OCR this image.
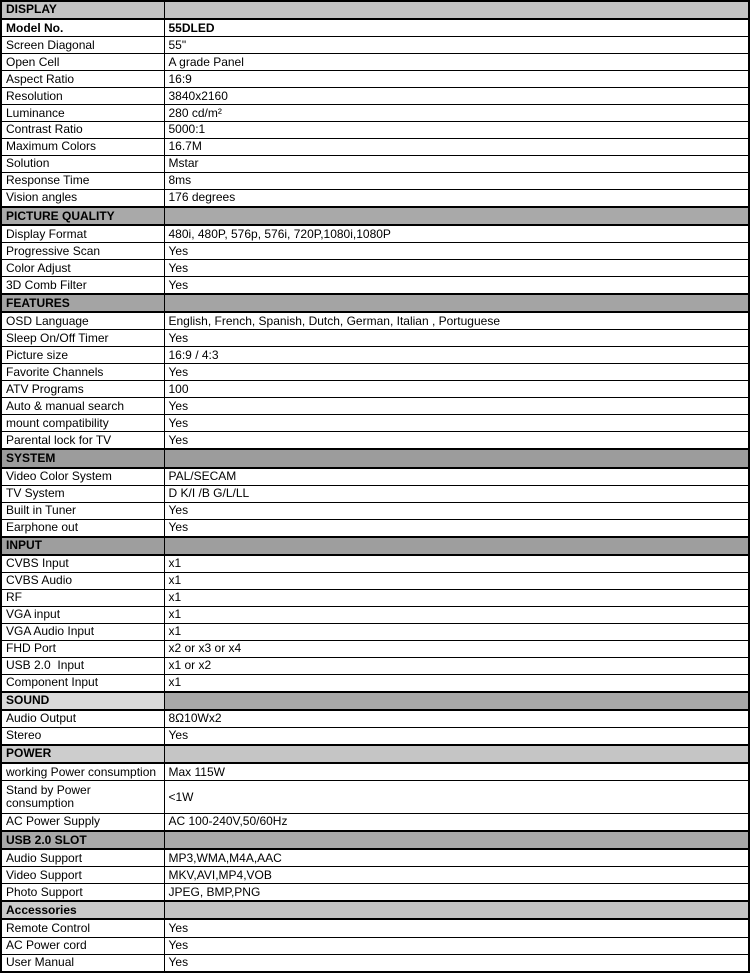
DISPLAY	
Model No.	55DLED
Screen Diagonal	55"
Open Cell	A grade Panel
Aspect Ratio	16:9
Resolution	3840x2160
Luminance	280 cd/m²
Contrast Ratio	5000:1
Maximum Colors	16.7M
Solution	Mstar
Response Time	8ms
Vision angles	176 degrees
PICTURE QUALITY	
Display Format	480i, 480P, 576p, 576i, 720P,1080i,1080P
Progressive Scan	Yes
Color Adjust	Yes
3D Comb Filter	Yes
FEATURES	
OSD Language	English, French, Spanish, Dutch, German, Italian , Portuguese
Sleep On/Off Timer	Yes
Picture size	16:9 / 4:3
Favorite Channels	Yes
ATV Programs	100
Auto & manual search	Yes
mount compatibility	Yes
Parental lock for TV	Yes
SYSTEM	
Video Color System	PAL/SECAM
TV System	D K/I /B G/L/LL
Built in Tuner	Yes
Earphone out	Yes
INPUT	
CVBS Input	x1
CVBS Audio	x1
RF	x1
VGA input	x1
VGA Audio Input	x1
FHD Port	x2 or x3 or x4
USB 2.0  Input	x1 or x2
Component Input	x1
SOUND	
Audio Output	8Ω10Wx2
Stereo	Yes
POWER	
working Power consumption	Max 115W
Stand by Power consumption	<1W
AC Power Supply	AC 100-240V,50/60Hz
USB 2.0 SLOT	
Audio Support	MP3,WMA,M4A,AAC
Video Support	MKV,AVI,MP4,VOB
Photo Support	JPEG, BMP,PNG
Accessories	
Remote Control	Yes
AC Power cord	Yes
User Manual	Yes
